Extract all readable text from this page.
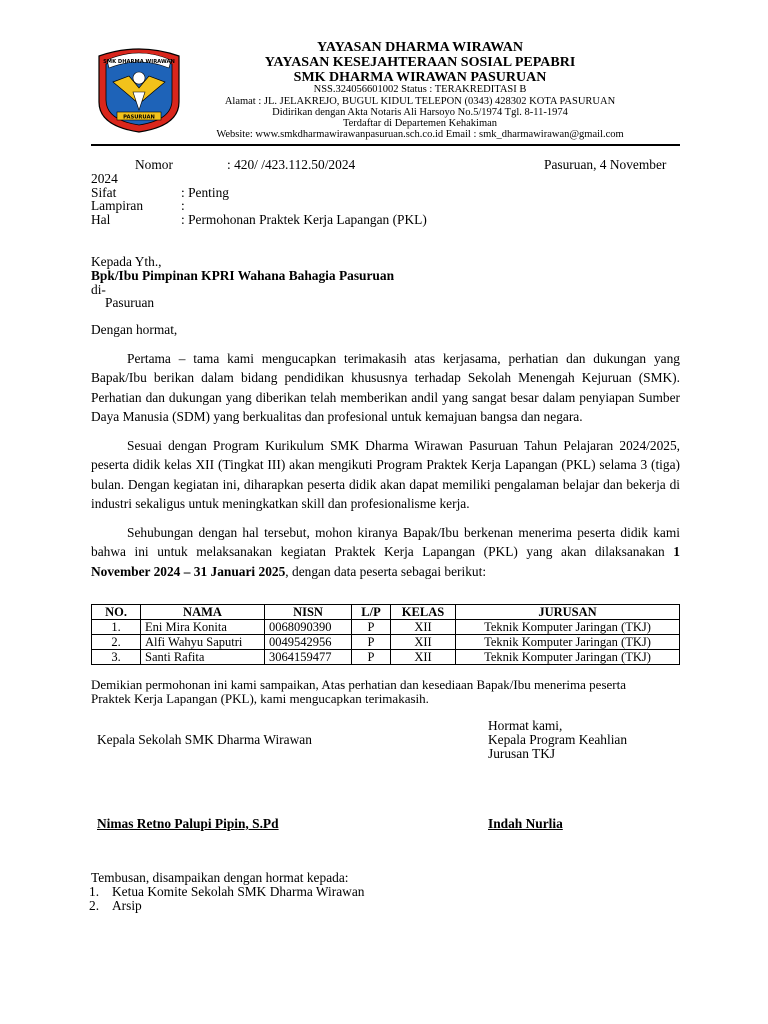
SMK DHARMA WIRAWAN
PASURUAN
YAYASAN DHARMA WIRAWAN
YAYASAN KESEJAHTERAAN SOSIAL PEPABRI
SMK DHARMA WIRAWAN PASURUAN
NSS.324056601002 Status : TERAKREDITASI B
Alamat : JL. JELAKREJO, BUGUL KIDUL TELEPON (0343) 428302 KOTA PASURUAN
Didirikan dengan Akta Notaris Ali Harsoyo No.5/1974 Tgl. 8-11-1974
Terdaftar di Departemen Kehakiman
Website: www.smkdharmawirawanpasuruan.sch.co.id Email : smk_dharmawirawan@gmail.com
Nomor	: 420/ /423.112.50/2024	Pasuruan, 4 November
2024
Sifat	: Penting
Lampiran	:
Hal	: Permohonan Praktek Kerja Lapangan (PKL)
Kepada Yth.,
Bpk/Ibu Pimpinan KPRI Wahana Bahagia Pasuruan
di-
Pasuruan
Dengan hormat,
Pertama – tama kami mengucapkan terimakasih atas kerjasama, perhatian dan dukungan yang Bapak/Ibu berikan dalam bidang pendidikan khususnya terhadap Sekolah Menengah Kejuruan (SMK). Perhatian dan dukungan yang diberikan telah memberikan andil yang sangat besar dalam penyiapan Sumber Daya Manusia (SDM) yang berkualitas dan profesional untuk kemajuan bangsa dan negara.
Sesuai dengan Program Kurikulum SMK Dharma Wirawan Pasuruan Tahun Pelajaran 2024/2025, peserta didik kelas XII (Tingkat III) akan mengikuti Program Praktek Kerja Lapangan (PKL) selama 3 (tiga) bulan. Dengan kegiatan ini, diharapkan peserta didik akan dapat memiliki pengalaman belajar dan bekerja di industri sekaligus untuk meningkatkan skill dan profesionalisme kerja.
Sehubungan dengan hal tersebut, mohon kiranya Bapak/Ibu berkenan menerima peserta didik kami bahwa ini untuk melaksanakan kegiatan Praktek Kerja Lapangan (PKL) yang akan dilaksanakan 1 November 2024 – 31 Januari 2025, dengan data peserta sebagai berikut:
NO.	NAMA	NISN	L/P	KELAS	JURUSAN
1.	Eni Mira Konita	0068090390	P	XII	Teknik Komputer Jaringan (TKJ)
2.	Alfi Wahyu Saputri	0049542956	P	XII	Teknik Komputer Jaringan (TKJ)
3.	Santi Rafita	3064159477	P	XII	Teknik Komputer Jaringan (TKJ)
Demikian permohonan ini kami sampaikan, Atas perhatian dan kesediaan Bapak/Ibu menerima peserta
Praktek Kerja Lapangan (PKL), kami mengucapkan terimakasih.
Hormat kami,
Kepala Program Keahlian
Jurusan TKJ
Kepala Sekolah SMK Dharma Wirawan
Nimas Retno Palupi Pipin, S.Pd	Indah Nurlia
Tembusan, disampaikan dengan hormat kepada:
1. Ketua Komite Sekolah SMK Dharma Wirawan
2. Arsip
